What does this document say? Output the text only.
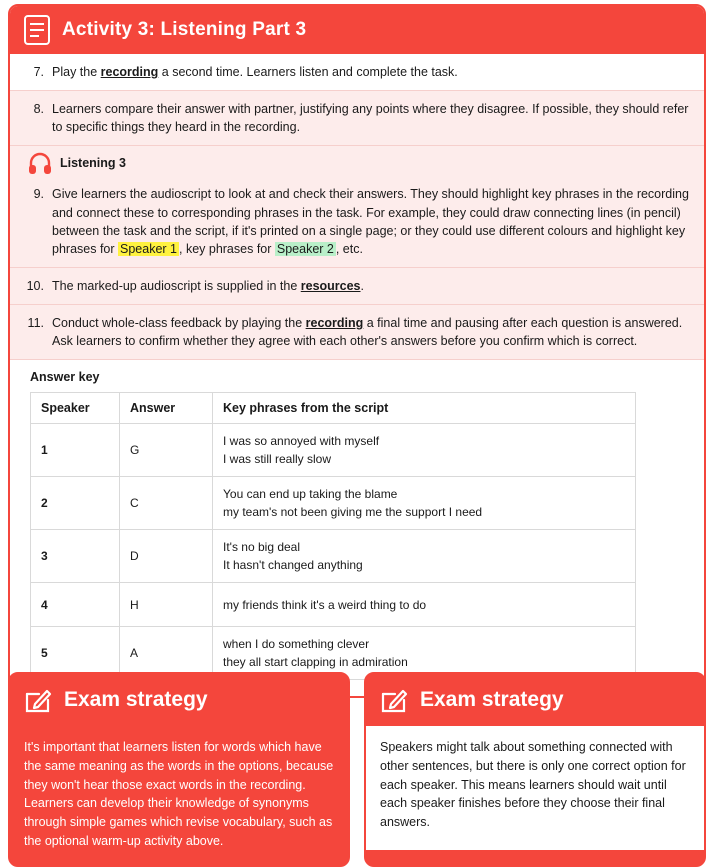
Activity 3: Listening Part 3
7. Play the recording a second time. Learners listen and complete the task.
8. Learners compare their answer with partner, justifying any points where they disagree. If possible, they should refer to specific things they heard in the recording.
Listening 3
9. Give learners the audioscript to look at and check their answers. They should highlight key phrases in the recording and connect these to corresponding phrases in the task. For example, they could draw connecting lines (in pencil) between the task and the script, if it's printed on a single page; or they could use different colours and highlight key phrases for Speaker 1 , key phrases for Speaker 2 , etc.
10. The marked-up audioscript is supplied in the resources.
11. Conduct whole-class feedback by playing the recording a final time and pausing after each question is answered. Ask learners to confirm whether they agree with each other's answers before you confirm which is correct.
Answer key
Speaker	Answer	Key phrases from the script
1	G	I was so annoyed with myself
I was still really slow

2	C	You can end up taking the blame
my team's not been giving me the support I need

3	D	It's no big deal
It hasn't changed anything

4	H	my friends think it's a weird thing to do

5	A	when I do something clever
they all start clapping in admiration
Exam strategy
It's important that learners listen for words which have the same meaning as the words in the options, because they won't hear those exact words in the recording. Learners can develop their knowledge of synonyms through simple games which revise vocabulary, such as the optional warm-up activity above.
Exam strategy
Speakers might talk about something connected with other sentences, but there is only one correct option for each speaker. This means learners should wait until each speaker finishes before they choose their final answers.
